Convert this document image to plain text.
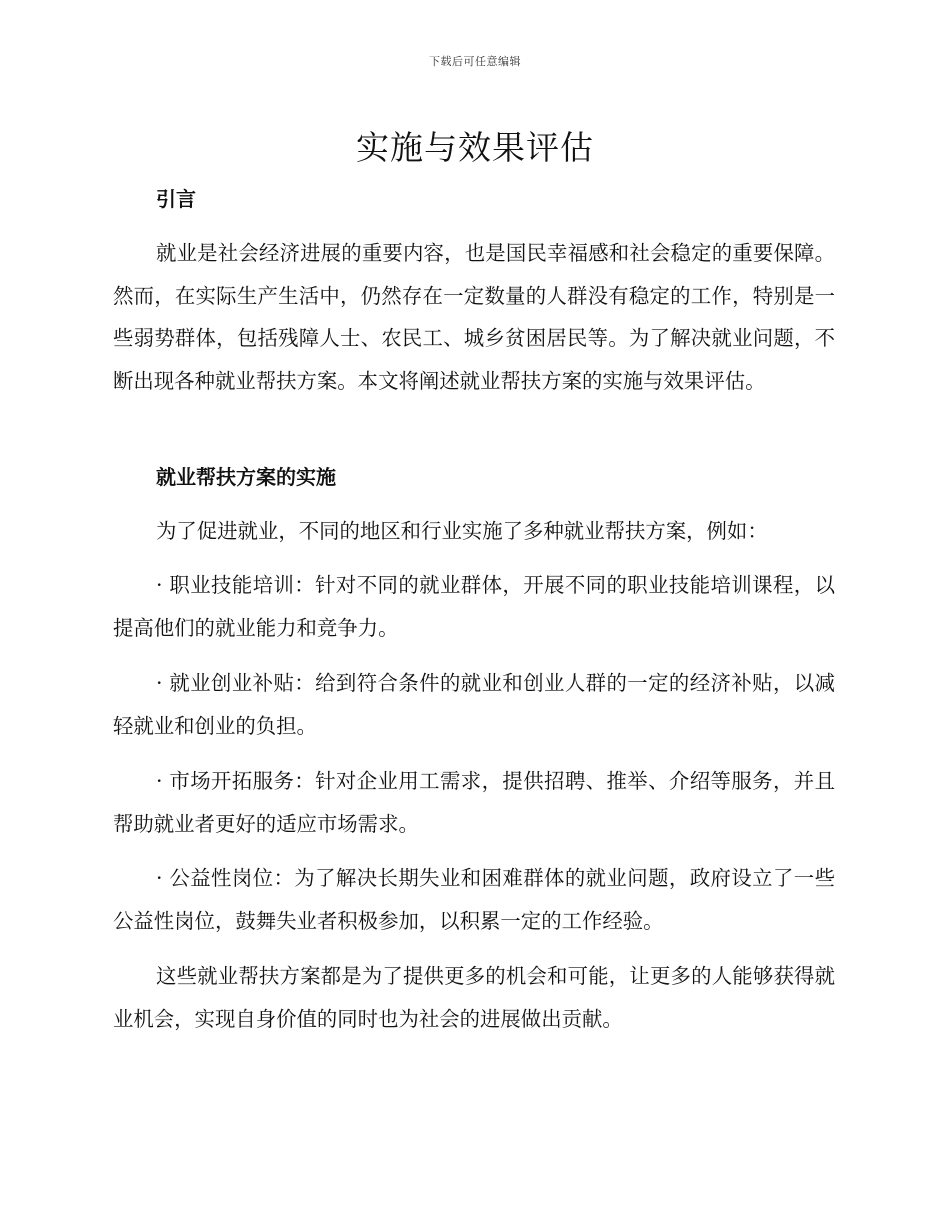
下载后可任意编辑
实施与效果评估
引言

就业是社会经济进展的重要内容，也是国民幸福感和社会稳定的重要保障。然而，在实际生产生活中，仍然存在一定数量的人群没有稳定的工作，特别是一些弱势群体，包括残障人士、农民工、城乡贫困居民等。为了解决就业问题，不断出现各种就业帮扶方案。本文将阐述就业帮扶方案的实施与效果评估。

就业帮扶方案的实施

为了促进就业，不同的地区和行业实施了多种就业帮扶方案，例如：

· 职业技能培训：针对不同的就业群体，开展不同的职业技能培训课程，以提高他们的就业能力和竞争力。

· 就业创业补贴：给到符合条件的就业和创业人群的一定的经济补贴，以减轻就业和创业的负担。

· 市场开拓服务：针对企业用工需求，提供招聘、推举、介绍等服务，并且帮助就业者更好的适应市场需求。

· 公益性岗位：为了解决长期失业和困难群体的就业问题，政府设立了一些公益性岗位，鼓舞失业者积极参加，以积累一定的工作经验。

这些就业帮扶方案都是为了提供更多的机会和可能，让更多的人能够获得就业机会，实现自身价值的同时也为社会的进展做出贡献。
